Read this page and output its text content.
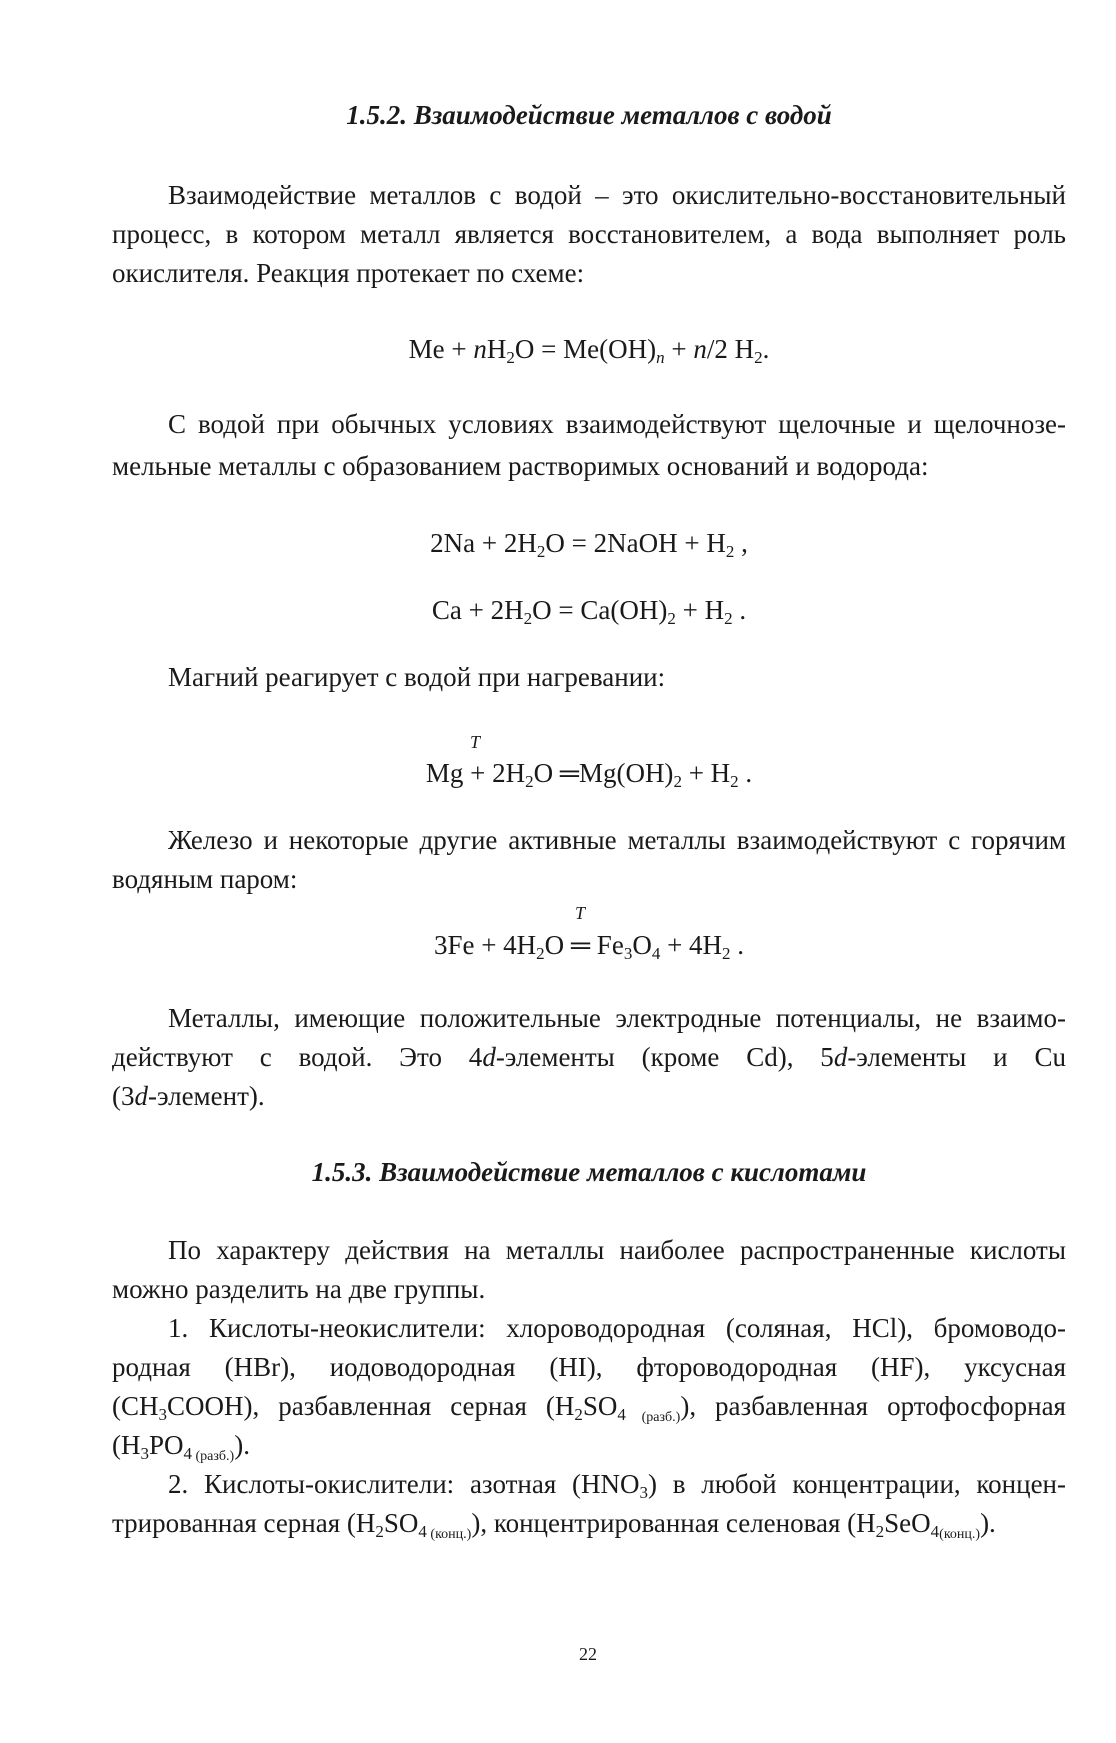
1.5.2. Взаимодействие металлов с водой
Взаимодействие металлов с водой – это окислительно-восстановительный
процесс, в котором металл является восстановителем, а вода выполняет роль
окислителя. Реакция протекает по схеме:
$Me + nH_2O = Me(OH)_n + n/2$ $H_2$.
С водой при обычных условиях взаимодействуют щелочные и щелочнозе-
мельные металлы с образованием растворимых оснований и водорода:
$2Na + 2H_2O$ = 2NaOH + $H_2$ ,
$Ca + 2H_2O = Ca(OH)_2 + H_2$ .
Магний реагирует с водой при нагревании:
T
$Mg + 2H_2O$ $═Mg(OH)_2 + H_2$ .
Железо и некоторые другие активные металлы взаимодействуют с горячим
водяным паром:
T
$3Fe + 4H_2O$ ═ $Fe_3O_4 + 4H_2$ .
Металлы, имеющие положительные электродные потенциалы, не взаимо-
действуют с водой. Это 4d-элементы (кроме Cd), 5d-элементы и Cu
(3d-элемент).
1.5.3. Взаимодействие металлов с кислотами
По характеру действия на металлы наиболее распространенные кислоты
можно разделить на две группы.
1. Кислоты-неокислители: хлороводородная (соляная, HCl), бромоводо-
родная (HBr), иодоводородная (HI), фтороводородная (HF), уксусная
$(CH_3COOH)$, разбавленная серная ($H_2SO_4$ $_{(разб.)}$), разбавленная ортофосфорная
($H_3PO_4$ $_{(разб.)}$).
2. Кислоты-окислители: азотная $(HNO_3)$ в любой концентрации, концен-
трированная серная ($H_2SO_4$ $_{(конц.)}$), концентрированная селеновая $(H_2SeO_{4(конц.)})$.
22
